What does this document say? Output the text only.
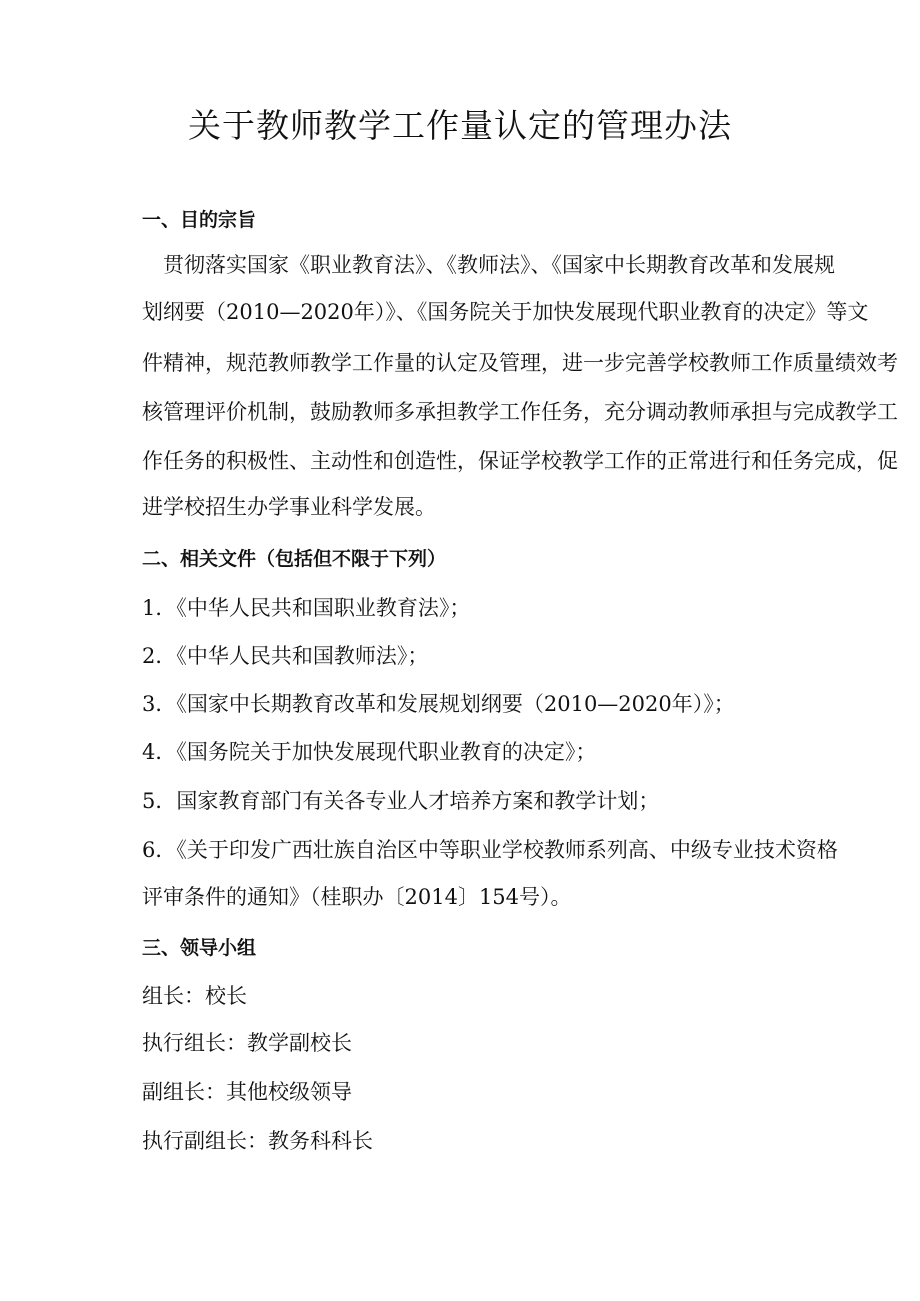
关于教师教学工作量认定的管理办法
一、目的宗旨

　贯彻落实国家《职业教育法》、《教师法》、《国家中长期教育改革和发展规

划纲要（2010—2020年）》、《国务院关于加快发展现代职业教育的决定》等文

件精神，规范教师教学工作量的认定及管理，进一步完善学校教师工作质量绩效考

核管理评价机制，鼓励教师多承担教学工作任务，充分调动教师承担与完成教学工

作任务的积极性、主动性和创造性，保证学校教学工作的正常进行和任务完成，促

进学校招生办学事业科学发展。

二、相关文件（包括但不限于下列）

1．《中华人民共和国职业教育法》；

2．《中华人民共和国教师法》；

3．《国家中长期教育改革和发展规划纲要（2010—2020年）》；

4．《国务院关于加快发展现代职业教育的决定》；

5．国家教育部门有关各专业人才培养方案和教学计划；

6．《关于印发广西壮族自治区中等职业学校教师系列高、中级专业技术资格

评审条件的通知》（桂职办〔2014〕154号）。

三、领导小组

组长：校长

执行组长：教学副校长

副组长：其他校级领导

执行副组长：教务科科长
